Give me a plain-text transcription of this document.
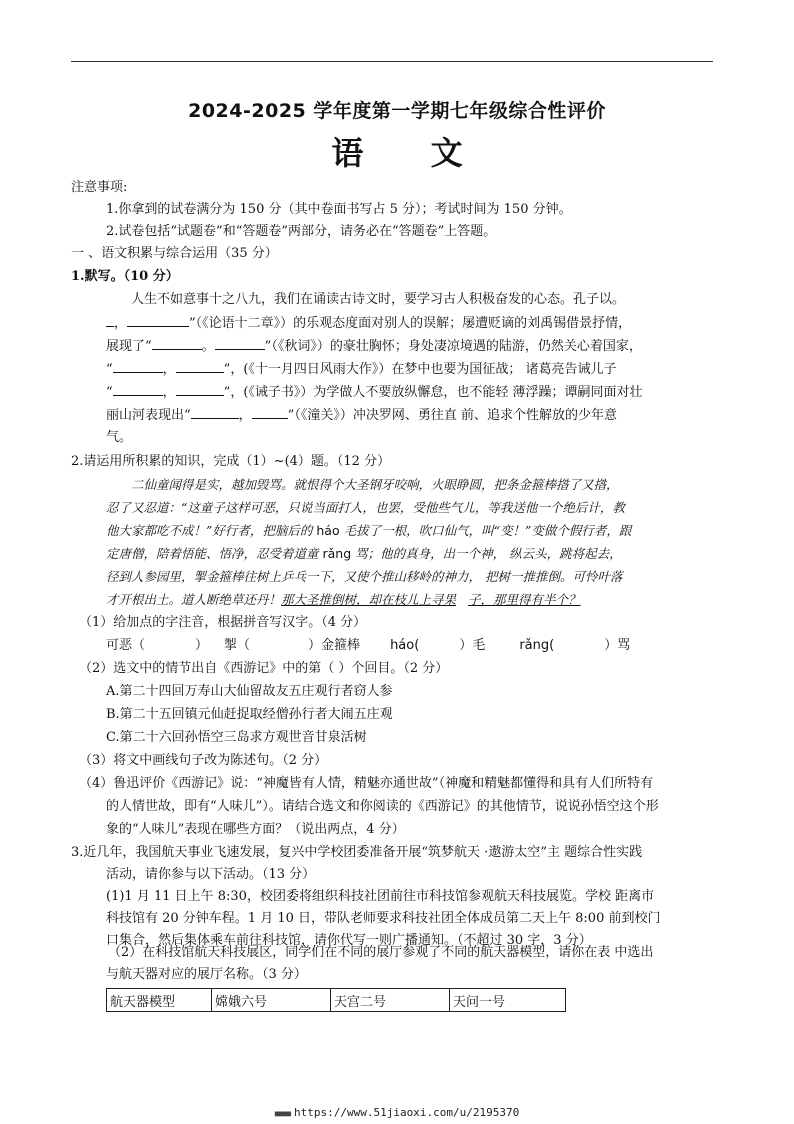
2024-2025 学年度第一学期七年级综合性评价
语 文
注意事项:
1.你拿到的试卷满分为 150 分（其中卷面书写占 5 分）；考试时间为 150 分钟。
2.试卷包括“试题卷”和“答题卷”两部分，请务必在“答题卷”上答题。
一 、语文积累与综合运用（35 分）
1.默写。（10 分）
人生不如意事十之八九，我们在诵读古诗文时，要学习古人积极奋发的心态。孔子以。
，	”（《论语十二章》）的乐观态度面对别人的误解；屡遭贬谪的刘禹锡借景抒情，
展现了“	。	”（《秋词》）的豪壮胸怀；身处凄凉境遇的陆游，仍然关心着国家，
“	，	”，(《十一月四日风雨大作》）在梦中也要为国征战； 诸葛亮告诫儿子
“	，	”，(《诫子书》）为学做人不要放纵懈怠，也不能轻 薄浮躁；谭嗣同面对壮
丽山河表现出“	，	”（《潼关》）冲决罗网、勇往直 前、追求个性解放的少年意
气。
2.请运用所积累的知识，完成（1）~(4）题。（12 分）
二仙童闻得是实，越加毁骂。就恨得个大圣钢牙咬响，火眼睁圆，把条金箍棒揝了又揝，
忍了又忍道：“这童子这样可恶，只说当面打人，也罢，受他些气儿，等我送他一个绝后计，教
他大家都吃不成！”好行者，把脑后的 háo 毛拔了一根，吹口仙气，叫“变！”变做个假行者，跟
定唐僧，陪着悟能、悟净，忍受着道童 rǎng 骂；他的真身，出一个神， 纵云头，跳将起去，
径到人参园里，掣金箍棒往树上乒乓一下，又使个推山移岭的神力， 把树一推推倒。可怜叶落
才开根出土。道人断绝草还丹！那大圣推倒树，却在枝儿上寻果 子，那里得有半个？
（1）给加点的字注音，根据拼音写汉字。（4 分）
可恶（	） 掣（	）金箍棒 háo(	）毛	rǎng(	）骂
（2）选文中的情节出自《西游记》中的第（ ）个回目。（2 分）
A.第二十四回万寿山大仙留故友五庄观行者窃人参
B.第二十五回镇元仙赶捉取经僧孙行者大闹五庄观
C.第二十六回孙悟空三岛求方观世音甘泉活树
（3）将文中画线句子改为陈述句。（2 分）
（4）鲁迅评价《西游记》说：“神魔皆有人情，精魅亦通世故”（神魔和精魅都懂得和具有人们所特有
的人情世故，即有“人味儿”）。请结合选文和你阅读的《西游记》的其他情节，说说孙悟空这个形
象的“人味儿”表现在哪些方面？（说出两点，4 分）
3.近几年，我国航天事业飞速发展，复兴中学校团委准备开展“筑梦航天 ·遨游太空”主 题综合性实践
活动，请你参与以下活动。（13 分）
(1)1 月 11 日上午 8:30，校团委将组织科技社团前往市科技馆参观航天科技展览。学校 距离市
科技馆有 20 分钟车程。1 月 10 日，带队老师要求科技社团全体成员第二天上午 8:00 前到校门
口集合，然后集体乘车前往科技馆，请你代写一则广播通知。（不超过 30 字，3 分）
（2）在科技馆航天科技展区，同学们在不同的展厅参观了不同的航天器模型，请你在表 中选出
与航天器对应的展厅名称。（3 分）
航天器模型	嫦娥六号	天宫二号	天问一号
■■■■ https://www.51jiaoxi.com/u/2195370
